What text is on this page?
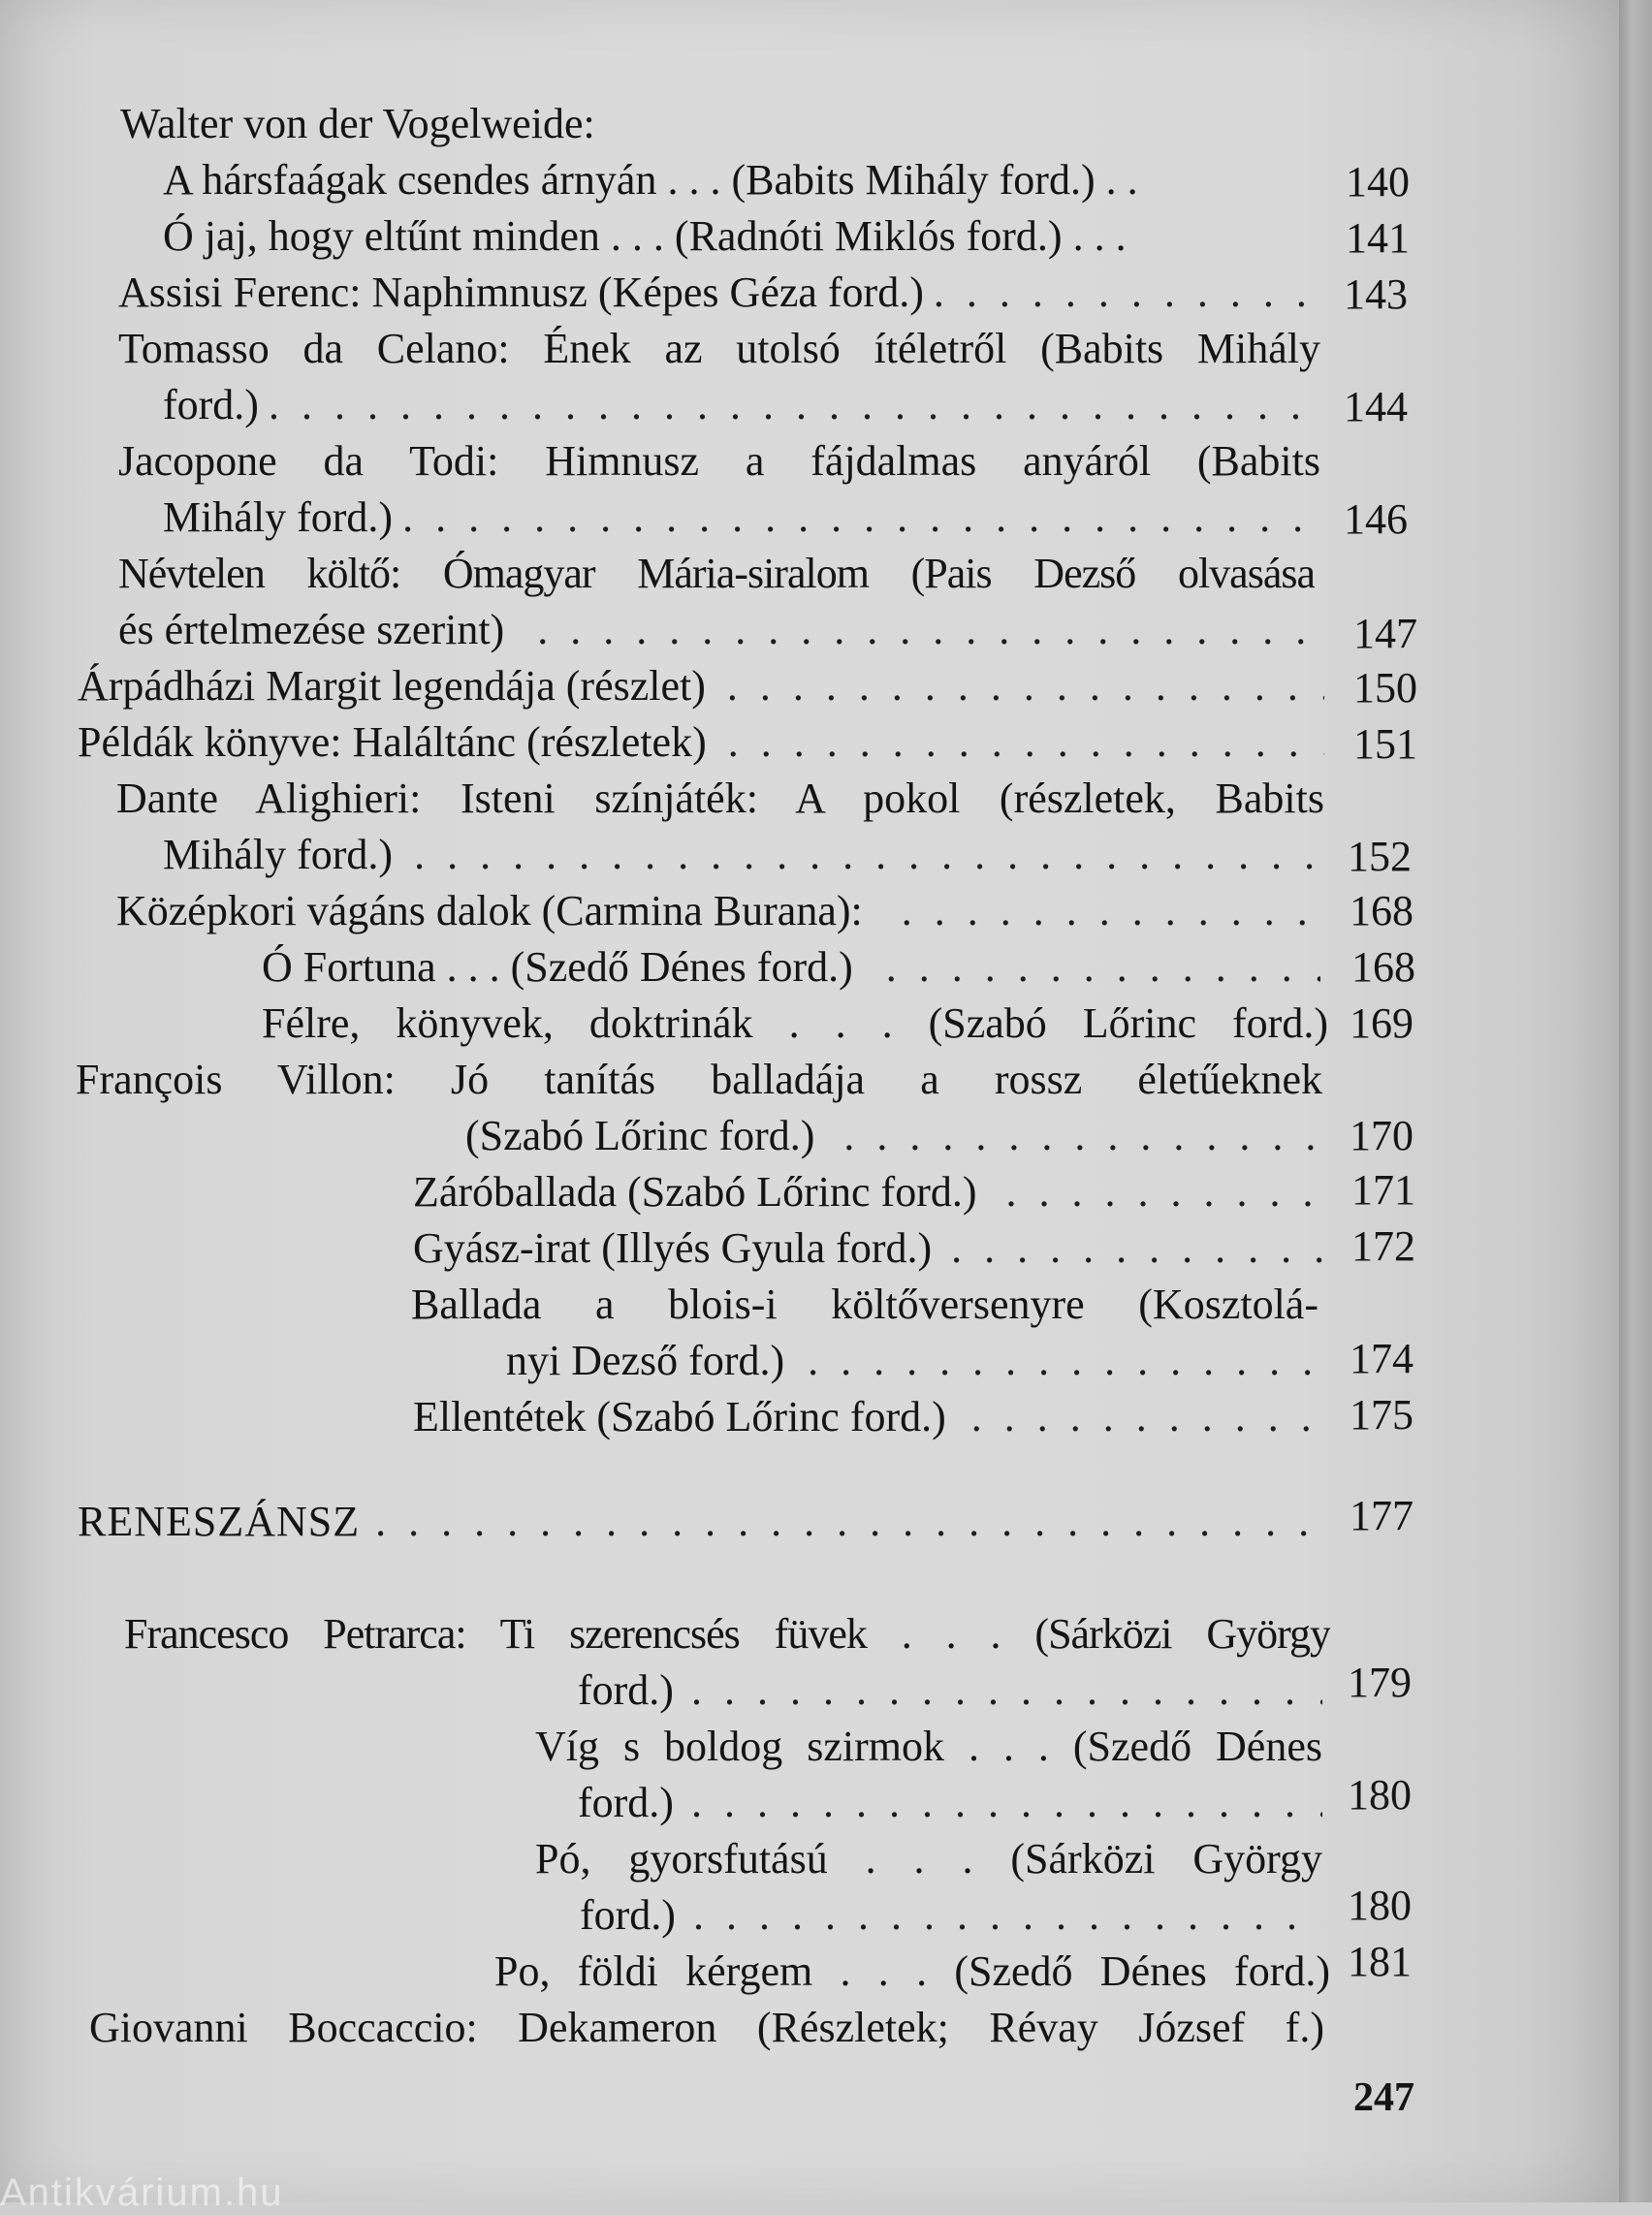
Walter von der Vogelweide:
A hársfaágak csendes árnyán . . . (Babits Mihály ford.) . .	140
Ó jaj, hogy eltűnt minden . . . (Radnóti Miklós ford.) . . .	141
Assisi Ferenc: Naphimnusz (Képes Géza ford.) . . .	143
Tomasso da Celano: Ének az utolsó ítéletről (Babits Mihály
ford.) . . .	144
Jacopone da Todi: Himnusz a fájdalmas anyáról (Babits
Mihály ford.) . . .	146
Névtelen költő: Ómagyar Mária-siralom (Pais Dezső olvasása
és értelmezése szerint) . . .	147
Árpádházi Margit legendája (részlet) . . .	150
Példák könyve: Haláltánc (részletek) . . .	151
Dante Alighieri: Isteni színjáték: A pokol (részletek, Babits
Mihály ford.) . . .	152
Középkori vágáns dalok (Carmina Burana): . . .	168
Ó Fortuna . . . (Szedő Dénes ford.) . . .	168
Félre, könyvek, doktrinák . . . (Szabó Lőrinc ford.) 169
François Villon: Jó tanítás balladája a rossz életűeknek
(Szabó Lőrinc ford.) . . .	170
Záróballada (Szabó Lőrinc ford.) . . .	171
Gyász-irat (Illyés Gyula ford.) . . .	172
Ballada a blois-i költőversenyre (Kosztolá-
nyi Dezső ford.) . . .	174
Ellentétek (Szabó Lőrinc ford.) . . .	175
RENESZÁNSZ . . .	177
Francesco Petrarca: Ti szerencsés füvek . . . (Sárközi György
ford.) . . .	179
Víg s boldog szirmok . . . (Szedő Dénes
ford.) . . .	180
Pó, gyorsfutású . . . (Sárközi György
ford.) . . .	180
Po, földi kérgem . . . (Szedő Dénes ford.) 181
Giovanni Boccaccio: Dekameron (Részletek; Révay József f.)
247
Antikvárium.hu
